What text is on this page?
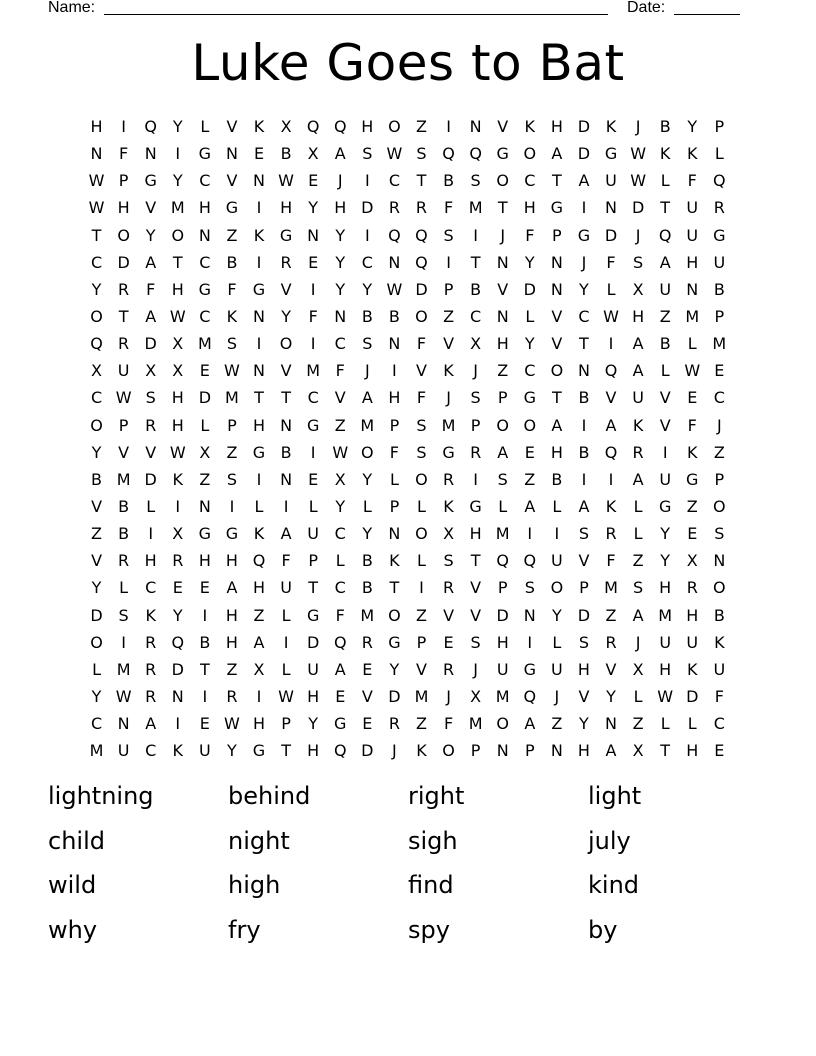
Name:	Date:
Luke Goes to Bat
H	I	Q Y	L	V	K	X Q Q H O Z	I	N V	K H D K	J	B	Y	P
N	F	N	I	G N	E	B	X	A	S W S Q Q G O A D G W K	K	L
W P	G Y	C	V N W E	J	I	C	T	B	S O C	T	A U W L	F	Q
W H V M H G	I	H	Y	H D R R	F M T	H G	I	N D	T	U R
T O Y O N Z	K G N	Y	I	Q Q S	I	J	F	P	G D	J	Q U G
C D A	T	C	B	I	R	E	Y	C N Q	I	T	N	Y	N	J	F	S	A H U
Y	R	F	H G	F	G V	I	Y	Y W D	P	B	V D N	Y	L	X U N B
O T	A W C	K N	Y	F	N B	B O Z	C N	L	V	C W H Z M P
Q R D X M S	I	O	I	C	S	N	F	V	X H	Y	V	T	I	A	B	L M
X U X	X	E W N V M F	J	I	V	K	J	Z	C O N Q A	L W E
C W S H D M T	T	C	V	A H	F	J	S	P	G T	B	V U V	E	C
O P	R H	L	P	H N G Z M P	S M P O O A	I	A	K	V	F	J
Y	V	V W X	Z G B	I	W O	F	S G R	A	E	H B Q R	I	K	Z
B M D K	Z	S	I	N	E	X	Y	L	O R	I	S	Z	B	I	I	A U G	P
V	B	L	I	N	I	L	I	L	Y	L	P	L	K G	L	A	L	A	K	L	G Z O
Z	B	I	X G G K	A U C	Y	N O X H M	I	I	S	R	L	Y	E	S
V	R H R H H Q	F	P	L	B	K	L	S	T Q Q U V	F	Z	Y	X N
Y	L	C	E	E	A H U	T	C	B	T	I	R	V	P	S O P M S H R O
D S	K	Y	I	H Z	L	G	F M O Z	V	V D N	Y	D Z	A M H B
O	I	R Q B H A	I	D Q R G	P	E	S H	I	L	S	R	J	U U K
L M R D	T	Z	X	L	U A	E	Y	V	R	J	U G U H V	X H K U
Y W R N	I	R	I	W H	E	V D M	J	X M Q	J	V	Y	L W D	F
C N A	I	E W H	P	Y G E	R	Z	F M O A	Z	Y	N Z	L	L	C
M U C	K U	Y G T	H Q D	J	K O P	N	P	N H A	X	T	H	E
lightning	behind	right	light
child	night	sigh	july
wild	high	find	kind
why	fry	spy	by
